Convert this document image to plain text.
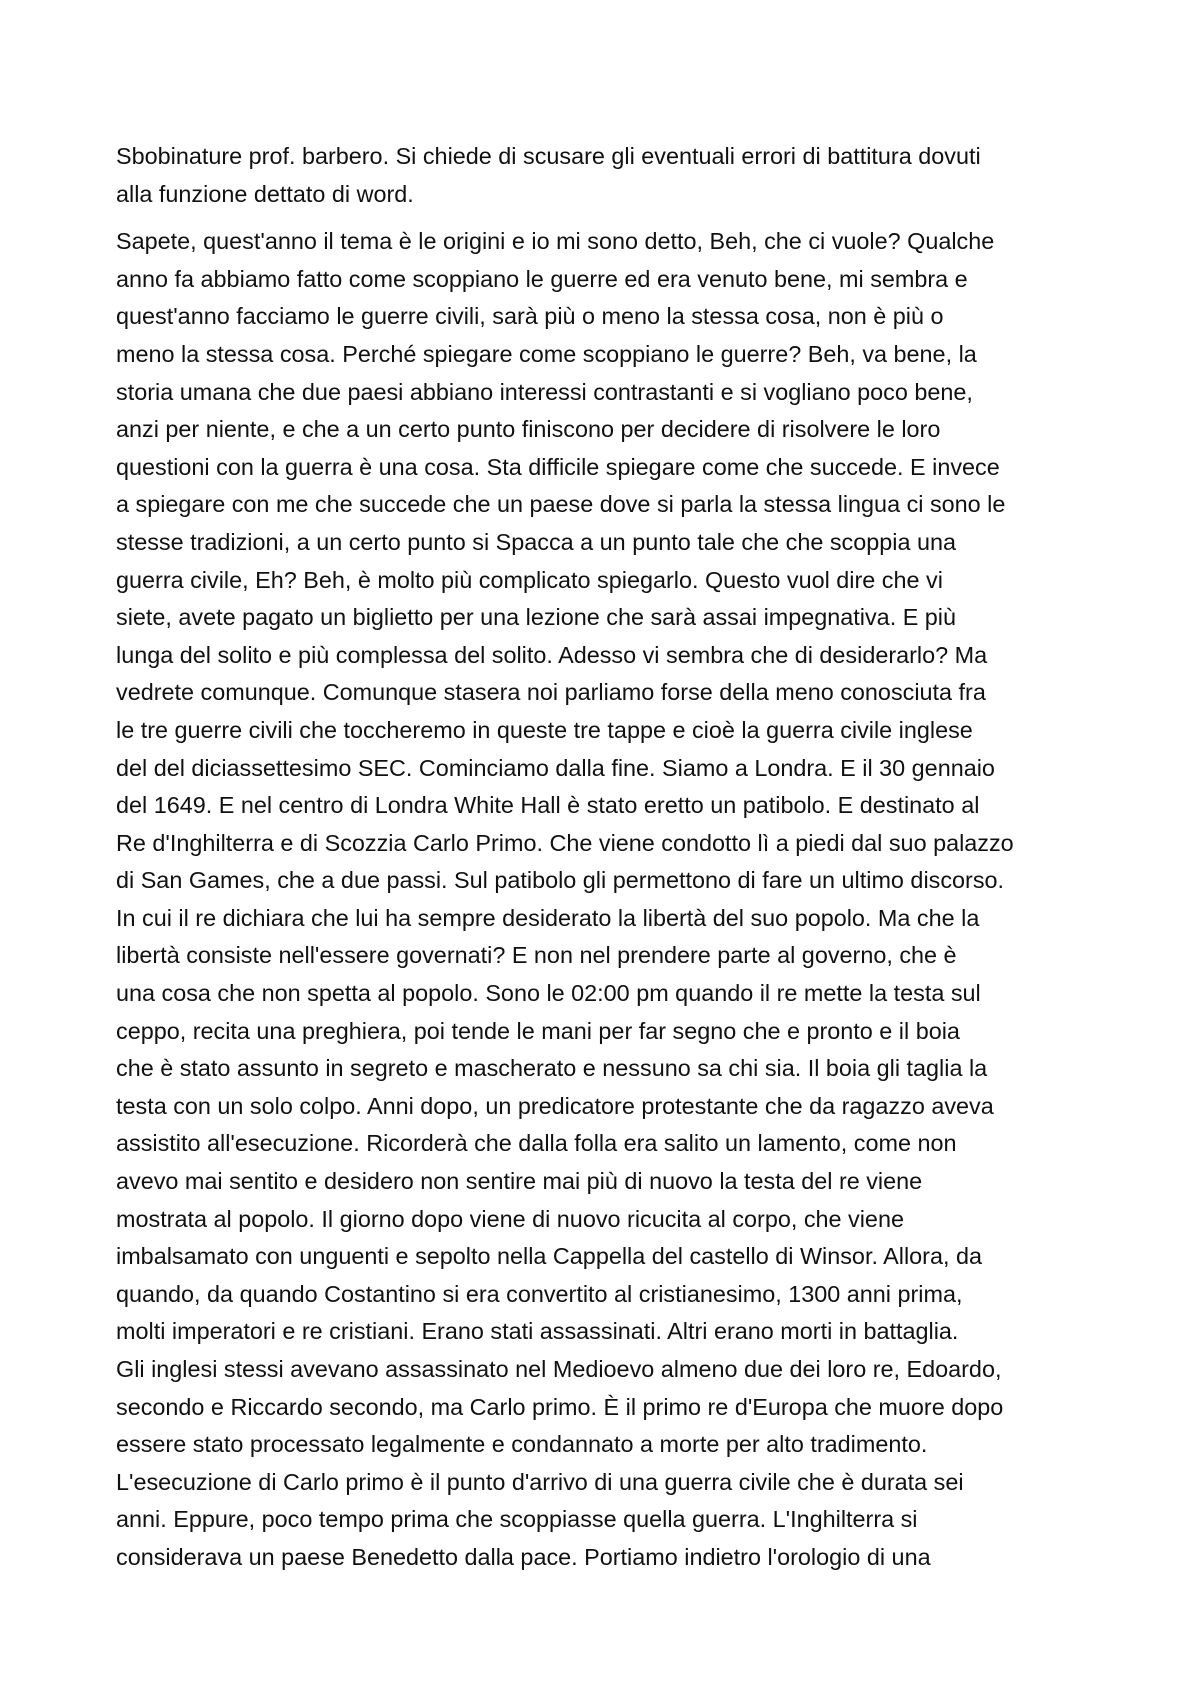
Sbobinature prof. barbero. Si chiede di scusare gli eventuali errori di battitura dovuti
alla funzione dettato di word.
Sapete, quest'anno il tema è le origini e io mi sono detto, Beh, che ci vuole? Qualche
anno fa abbiamo fatto come scoppiano le guerre ed era venuto bene, mi sembra e
quest'anno facciamo le guerre civili, sarà più o meno la stessa cosa, non è più o
meno la stessa cosa. Perché spiegare come scoppiano le guerre? Beh, va bene, la
storia umana che due paesi abbiano interessi contrastanti e si vogliano poco bene,
anzi per niente, e che a un certo punto finiscono per decidere di risolvere le loro
questioni con la guerra è una cosa. Sta difficile spiegare come che succede. E invece
a spiegare con me che succede che un paese dove si parla la stessa lingua ci sono le
stesse tradizioni, a un certo punto si Spacca a un punto tale che che scoppia una
guerra civile, Eh? Beh, è molto più complicato spiegarlo. Questo vuol dire che vi
siete, avete pagato un biglietto per una lezione che sarà assai impegnativa. E più
lunga del solito e più complessa del solito. Adesso vi sembra che di desiderarlo? Ma
vedrete comunque. Comunque stasera noi parliamo forse della meno conosciuta fra
le tre guerre civili che toccheremo in queste tre tappe e cioè la guerra civile inglese
del del diciassettesimo SEC. Cominciamo dalla fine. Siamo a Londra. E il 30 gennaio
del 1649. E nel centro di Londra White Hall è stato eretto un patibolo. E destinato al
Re d'Inghilterra e di Scozzia Carlo Primo. Che viene condotto lì a piedi dal suo palazzo
di San Games, che a due passi. Sul patibolo gli permettono di fare un ultimo discorso.
In cui il re dichiara che lui ha sempre desiderato la libertà del suo popolo. Ma che la
libertà consiste nell'essere governati? E non nel prendere parte al governo, che è
una cosa che non spetta al popolo. Sono le 02:00 pm quando il re mette la testa sul
ceppo, recita una preghiera, poi tende le mani per far segno che e pronto e il boia
che è stato assunto in segreto e mascherato e nessuno sa chi sia. Il boia gli taglia la
testa con un solo colpo. Anni dopo, un predicatore protestante che da ragazzo aveva
assistito all'esecuzione. Ricorderà che dalla folla era salito un lamento, come non
avevo mai sentito e desidero non sentire mai più di nuovo la testa del re viene
mostrata al popolo. Il giorno dopo viene di nuovo ricucita al corpo, che viene
imbalsamato con unguenti e sepolto nella Cappella del castello di Winsor. Allora, da
quando, da quando Costantino si era convertito al cristianesimo, 1300 anni prima,
molti imperatori e re cristiani. Erano stati assassinati. Altri erano morti in battaglia.
Gli inglesi stessi avevano assassinato nel Medioevo almeno due dei loro re, Edoardo,
secondo e Riccardo secondo, ma Carlo primo. È il primo re d'Europa che muore dopo
essere stato processato legalmente e condannato a morte per alto tradimento.
L'esecuzione di Carlo primo è il punto d'arrivo di una guerra civile che è durata sei
anni. Eppure, poco tempo prima che scoppiasse quella guerra. L'Inghilterra si
considerava un paese Benedetto dalla pace. Portiamo indietro l'orologio di una
